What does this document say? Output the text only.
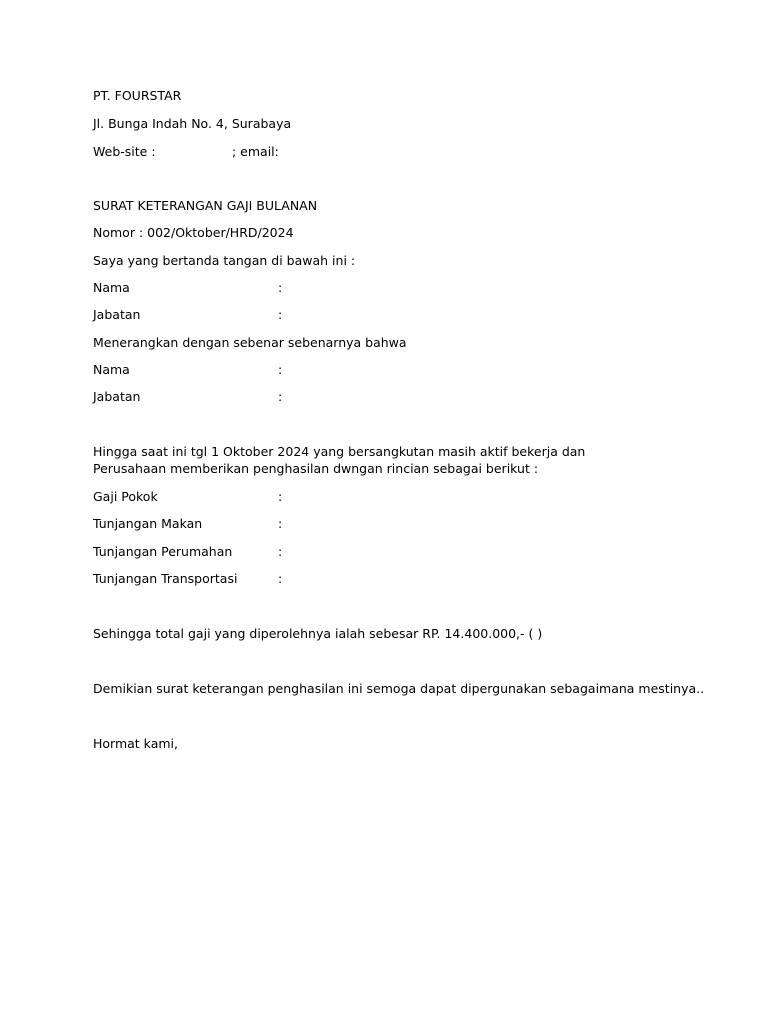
PT. FOURSTAR
Jl. Bunga Indah No. 4, Surabaya
Web-site :	; email:
SURAT KETERANGAN GAJI BULANAN
Nomor : 002/Oktober/HRD/2024
Saya yang bertanda tangan di bawah ini :
Nama	:
Jabatan	:
Menerangkan dengan sebenar sebenarnya bahwa
Nama	:
Jabatan	:
Hingga saat ini tgl 1 Oktober 2024 yang bersangkutan masih aktif bekerja dan Perusahaan memberikan penghasilan dwngan rincian sebagai berikut :
Gaji Pokok	:
Tunjangan Makan	:
Tunjangan Perumahan	:
Tunjangan Transportasi	:
Sehingga total gaji yang diperolehnya ialah sebesar RP. 14.400.000,- ( )
Demikian surat keterangan penghasilan ini semoga dapat dipergunakan sebagaimana mestinya..
Hormat kami,
